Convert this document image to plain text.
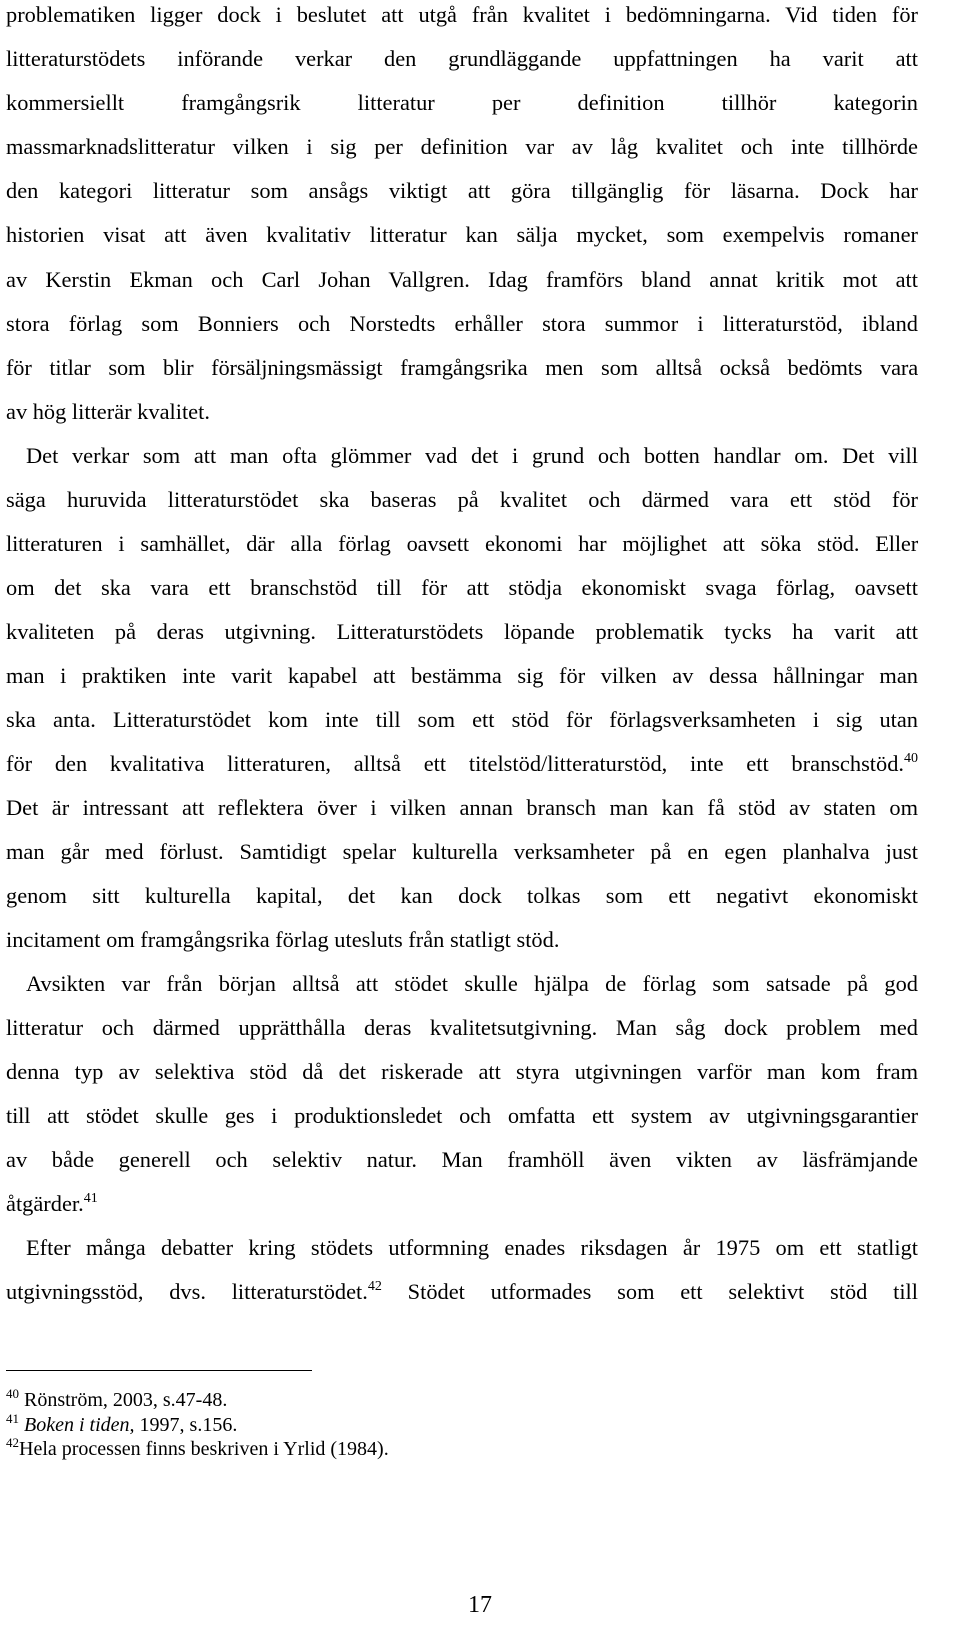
problematiken ligger dock i beslutet att utgå från kvalitet i bedömningarna. Vid tiden för
litteraturstödets införande verkar den grundläggande uppfattningen ha varit att
kommersiellt framgångsrik litteratur per definition tillhör kategorin
massmarknadslitteratur vilken i sig per definition var av låg kvalitet och inte tillhörde
den kategori litteratur som ansågs viktigt att göra tillgänglig för läsarna. Dock har
historien visat att även kvalitativ litteratur kan sälja mycket, som exempelvis romaner
av Kerstin Ekman och Carl Johan Vallgren. Idag framförs bland annat kritik mot att
stora förlag som Bonniers och Norstedts erhåller stora summor i litteraturstöd, ibland
för titlar som blir försäljningsmässigt framgångsrika men som alltså också bedömts vara
av hög litterär kvalitet.
Det verkar som att man ofta glömmer vad det i grund och botten handlar om. Det vill
säga huruvida litteraturstödet ska baseras på kvalitet och därmed vara ett stöd för
litteraturen i samhället, där alla förlag oavsett ekonomi har möjlighet att söka stöd. Eller
om det ska vara ett branschstöd till för att stödja ekonomiskt svaga förlag, oavsett
kvaliteten på deras utgivning. Litteraturstödets löpande problematik tycks ha varit att
man i praktiken inte varit kapabel att bestämma sig för vilken av dessa hållningar man
ska anta. Litteraturstödet kom inte till som ett stöd för förlagsverksamheten i sig utan
för den kvalitativa litteraturen, alltså ett titelstöd/litteraturstöd, inte ett branschstöd.$^{40}$
Det är intressant att reflektera över i vilken annan bransch man kan få stöd av staten om
man går med förlust. Samtidigt spelar kulturella verksamheter på en egen planhalva just
genom sitt kulturella kapital, det kan dock tolkas som ett negativt ekonomiskt
incitament om framgångsrika förlag utesluts från statligt stöd.
Avsikten var från början alltså att stödet skulle hjälpa de förlag som satsade på god
litteratur och därmed upprätthålla deras kvalitetsutgivning. Man såg dock problem med
denna typ av selektiva stöd då det riskerade att styra utgivningen varför man kom fram
till att stödet skulle ges i produktionsledet och omfatta ett system av utgivningsgarantier
av både generell och selektiv natur. Man framhöll även vikten av läsfrämjande
åtgärder.$^{41}$
Efter många debatter kring stödets utformning enades riksdagen år 1975 om ett statligt
utgivningsstöd, dvs. litteraturstödet.$^{42}$ Stödet utformades som ett selektivt stöd till
$^{40}$ Rönström, 2003, s.47-48.
$^{41}$ Boken i tiden, 1997, s.156.
$^{42}$Hela processen finns beskriven i Yrlid (1984).
17
